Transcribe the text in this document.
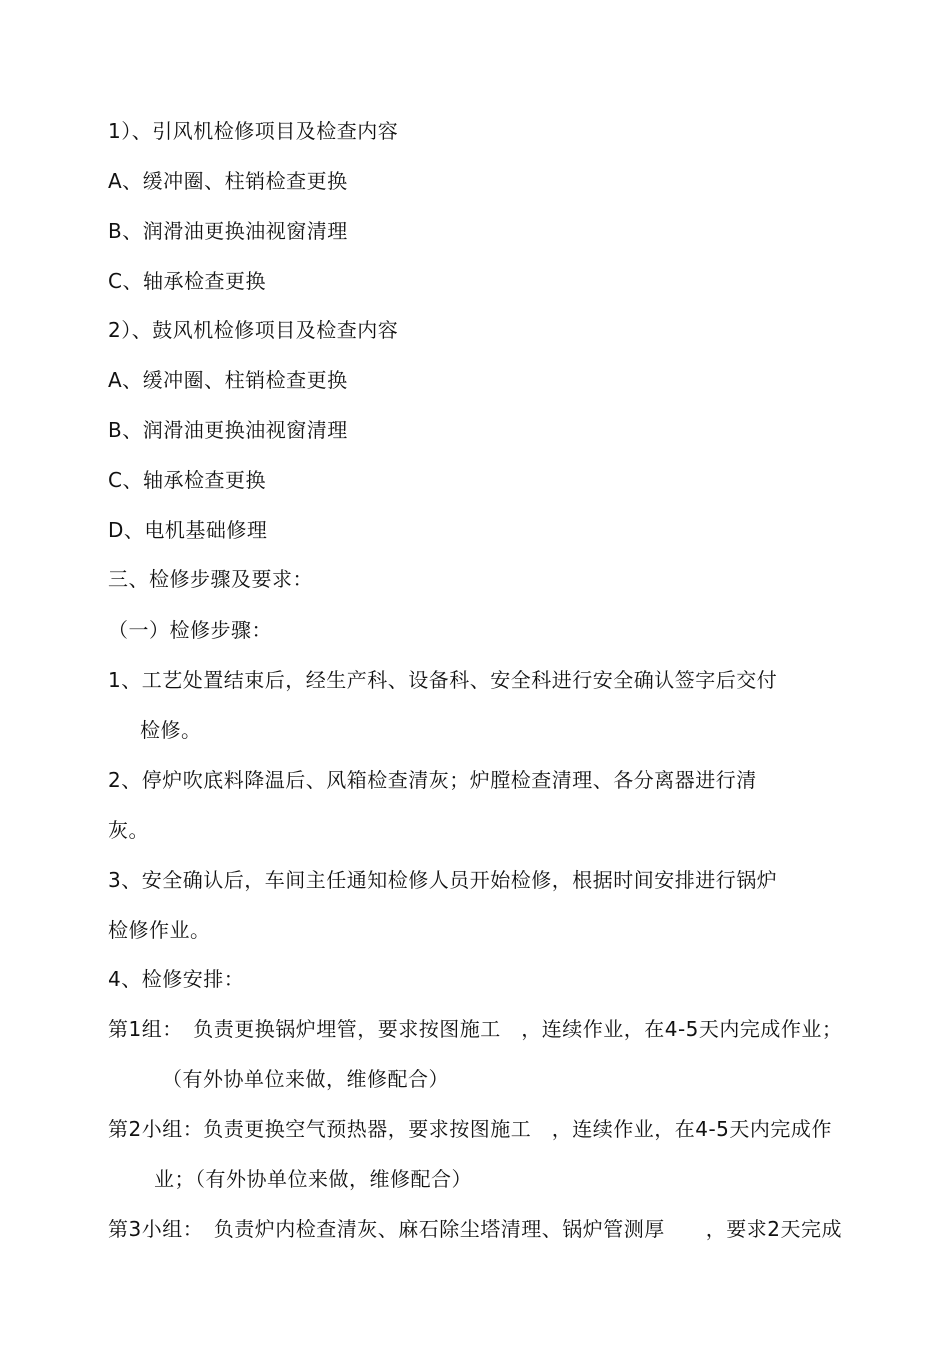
1）、引风机检修项目及检查内容
A、缓冲圈、柱销检查更换
B、润滑油更换油视窗清理
C、轴承检查更换
2）、鼓风机检修项目及检查内容
A、缓冲圈、柱销检查更换
B、润滑油更换油视窗清理
C、轴承检查更换
D、电机基础修理
三、检修步骤及要求：
（一）检修步骤：
1、工艺处置结束后，经生产科、设备科、安全科进行安全确认签字后交付
检修。
2、停炉吹底料降温后、风箱检查清灰；炉膛检查清理、各分离器进行清
灰。
3、安全确认后，车间主任通知检修人员开始检修，根据时间安排进行锅炉
检修作业。
4、检修安排：
第1组：　负责更换锅炉埋管，要求按图施工　，连续作业，在4-5天内完成作业；
（有外协单位来做，维修配合）
第2小组：负责更换空气预热器，要求按图施工　，连续作业，在4-5天内完成作
业；（有外协单位来做，维修配合）
第3小组：　负责炉内检查清灰、麻石除尘塔清理、锅炉管测厚　　，要求2天完成
